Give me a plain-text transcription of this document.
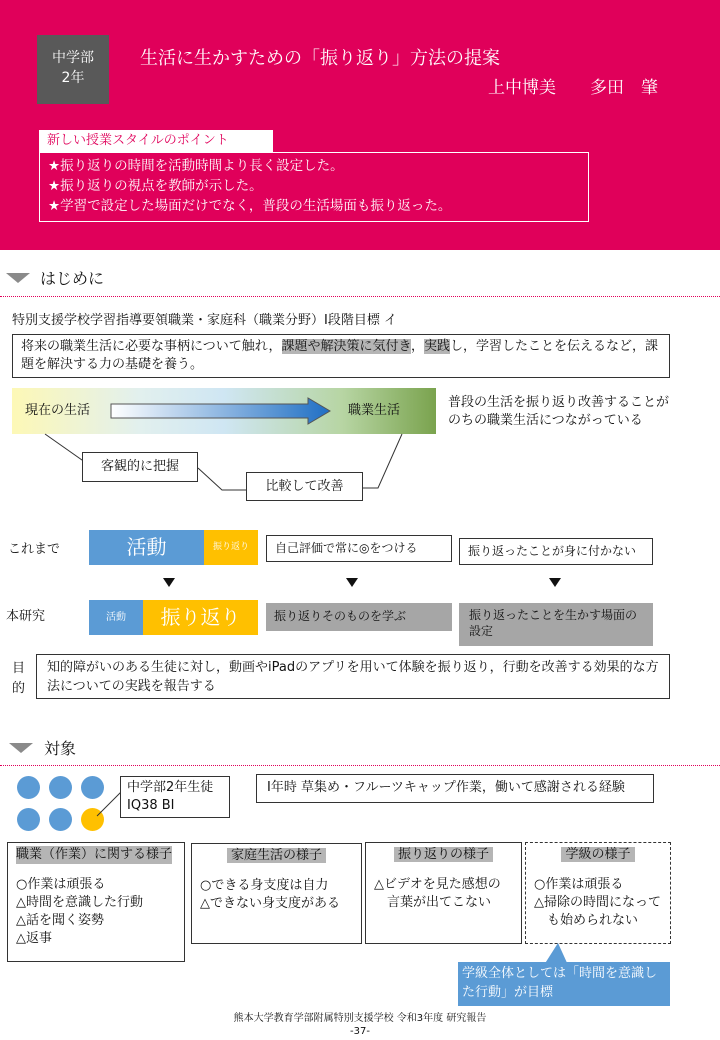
中学部
2年
生活に生かすための「振り返り」方法の提案
上中博美　　多田　肇
新しい授業スタイルのポイント
★振り返りの時間を活動時間より長く設定した。
★振り返りの視点を教師が示した。
★学習で設定した場面だけでなく，普段の生活場面も振り返った。
はじめに
特別支援学校学習指導要領職業・家庭科（職業分野）Ⅰ段階目標 イ
将来の職業生活に必要な事柄について触れ，課題や解決策に気付き，実践し，学習したことを伝えるなど，課題を解決する力の基礎を養う。
現在の生活	職業生活
普段の生活を振り返り改善することがのちの職業生活につながっている
客観的に把握
比較して改善
これまで	活動	振り返り	自己評価で常に◎をつける	振り返ったことが身に付かない
本研究	活動	振り返り	振り返りそのものを学ぶ	振り返ったことを生かす場面の設定
目
的
知的障がいのある生徒に対し，動画やiPadのアプリを用いて体験を振り返り，行動を改善する効果的な方法についての実践を報告する
対象
中学部2年生徒
IQ38 BⅠ
Ⅰ年時 草集め・フルーツキャップ作業，働いて感謝される経験
職業（作業）に関する様子
○作業は頑張る
△時間を意識した行動
△話を聞く姿勢
△返事
家庭生活の様子
○できる身支度は自力
△できない身支度がある
振り返りの様子
△ビデオを見た感想の言葉が出てこない
学級の様子
○作業は頑張る
△掃除の時間になっても始められない
学級全体としては「時間を意識した行動」が目標
熊本大学教育学部附属特別支援学校 令和3年度 研究報告
-37-
